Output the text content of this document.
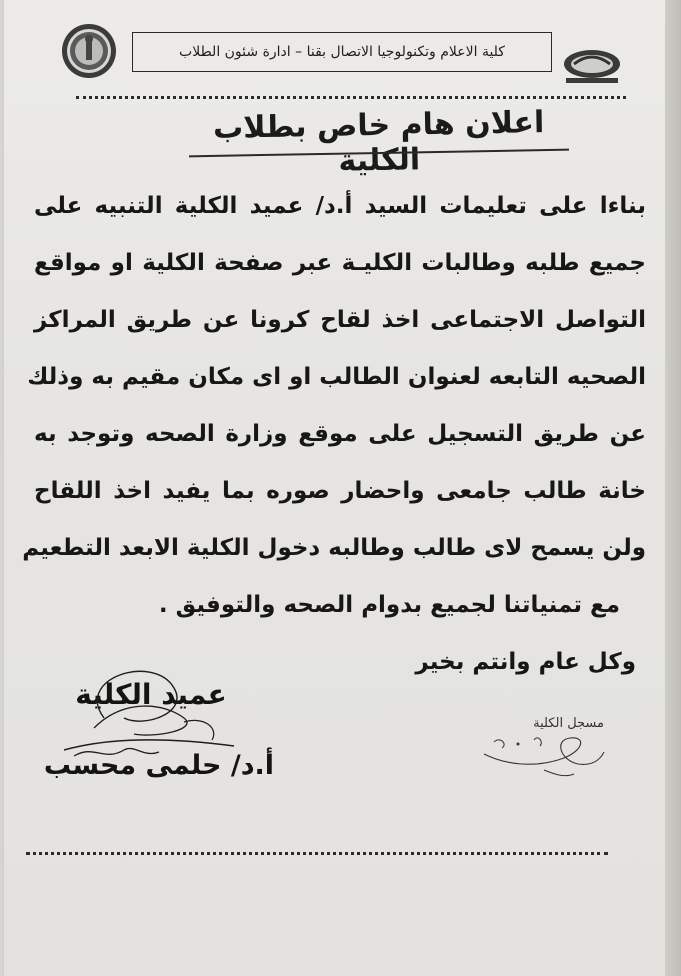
كلية الاعلام وتكنولوجيا الاتصال بقنا – ادارة شئون الطلاب
اعلان هام خاص بطلاب الكلية
بناءا على تعليمات السيد أ.د/ عميد الكلية التنبيه على
جميع طلبه وطالبات الكليـة عبر صفحة الكلية او مواقع
التواصل الاجتماعى اخذ لقاح كرونا عن طريق المراكز
الصحيه التابعه لعنوان الطالب او اى مكان مقيم به وذلك
عن طريق التسجيل على موقع وزارة الصحه وتوجد به
خانة طالب جامعى واحضار صوره بما يفيد اخذ اللقاح
ولن يسمح لاى طالب وطالبه دخول الكلية الابعد التطعيم
مع تمنياتنا لجميع بدوام الصحه والتوفيق .
وكل عام وانتم بخير
عميد الكلية
أ.د/ حلمى محسب
مسجل الكلية
